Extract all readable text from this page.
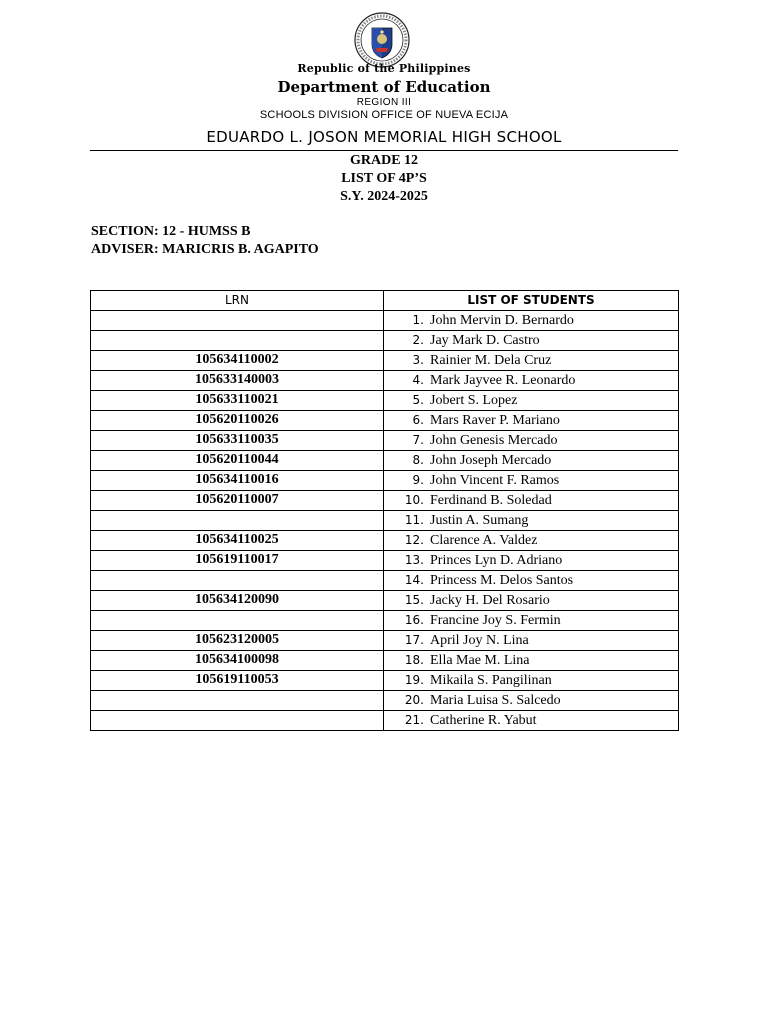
Republic of the Philippines
Department of Education
REGION III
SCHOOLS DIVISION OFFICE OF NUEVA ECIJA
EDUARDO L. JOSON MEMORIAL HIGH SCHOOL
GRADE 12
LIST OF 4P’S
S.Y. 2024-2025
SECTION: 12 - HUMSS B
ADVISER: MARICRIS B. AGAPITO
LRN	LIST OF STUDENTS
	1. John Mervin D. Bernardo
	2. Jay Mark D. Castro
105634110002	3. Rainier M. Dela Cruz
105633140003	4. Mark Jayvee R. Leonardo
105633110021	5. Jobert S. Lopez
105620110026	6. Mars Raver P. Mariano
105633110035	7. John Genesis Mercado
105620110044	8. John Joseph Mercado
105634110016	9. John Vincent F. Ramos
105620110007	10. Ferdinand B. Soledad
	11. Justin A. Sumang
105634110025	12. Clarence A. Valdez
105619110017	13. Princes Lyn D. Adriano
	14. Princess M. Delos Santos
105634120090	15. Jacky H. Del Rosario
	16. Francine Joy S. Fermin
105623120005	17. April Joy N. Lina
105634100098	18. Ella Mae M. Lina
105619110053	19. Mikaila S. Pangilinan
	20. Maria Luisa S. Salcedo
	21. Catherine R. Yabut
